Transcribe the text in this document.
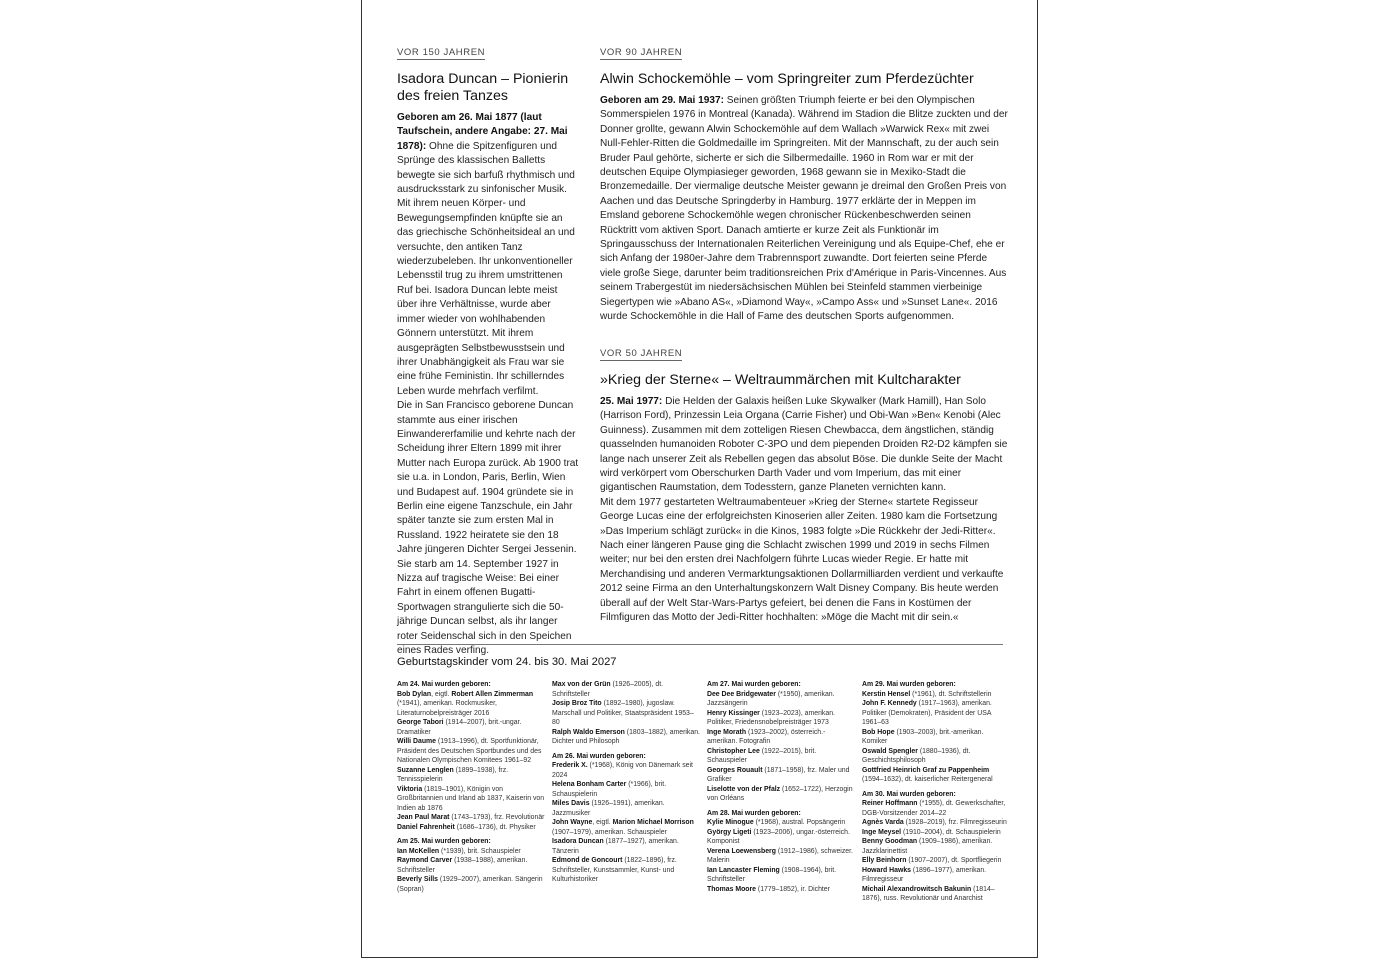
VOR 150 JAHREN
Isadora Duncan – Pionierin des freien Tanzes

Geboren am 26. Mai 1877 (laut Taufschein, andere Angabe: 27. Mai 1878): Ohne die Spitzenfiguren und Sprünge des klassischen Balletts bewegte sie sich barfuß rhythmisch und ausdrucksstark zu sinfonischer Musik. Mit ihrem neuen Körper- und Bewegungsempfinden knüpfte sie an das griechische Schönheitsideal an und versuchte, den antiken Tanz wiederzubeleben. Ihr unkonventioneller Lebensstil trug zu ihrem umstrittenen Ruf bei. Isadora Duncan lebte meist über ihre Verhältnisse, wurde aber immer wieder von wohlhabenden Gönnern unterstützt. Mit ihrem ausgeprägten Selbstbewusstsein und ihrer Unabhängigkeit als Frau war sie eine frühe Feministin. Ihr schillerndes Leben wurde mehrfach verfilmt.

Die in San Francisco geborene Duncan stammte aus einer irischen Einwandererfamilie und kehrte nach der Scheidung ihrer Eltern 1899 mit ihrer Mutter nach Europa zurück. Ab 1900 trat sie u.a. in London, Paris, Berlin, Wien und Budapest auf. 1904 gründete sie in Berlin eine eigene Tanzschule, ein Jahr später tanzte sie zum ersten Mal in Russland. 1922 heiratete sie den 18 Jahre jüngeren Dichter Sergei Jessenin. Sie starb am 14. September 1927 in Nizza auf tragische Weise: Bei einer Fahrt in einem offenen Bugatti-Sportwagen strangulierte sich die 50-jährige Duncan selbst, als ihr langer roter Seidenschal sich in den Speichen eines Rades verfing.

VOR 90 JAHREN
Alwin Schockemöhle – vom Springreiter zum Pferdezüchter

Geboren am 29. Mai 1937: Seinen größten Triumph feierte er bei den Olympischen Sommerspielen 1976 in Montreal (Kanada). Während im Stadion die Blitze zuckten und der Donner grollte, gewann Alwin Schockemöhle auf dem Wallach »Warwick Rex« mit zwei Null-Fehler-Ritten die Goldmedaille im Springreiten. Mit der Mannschaft, zu der auch sein Bruder Paul gehörte, sicherte er sich die Silbermedaille. 1960 in Rom war er mit der deutschen Equipe Olympiasieger geworden, 1968 gewann sie in Mexiko-Stadt die Bronzemedaille. Der viermalige deutsche Meister gewann je dreimal den Großen Preis von Aachen und das Deutsche Springderby in Hamburg. 1977 erklärte der in Meppen im Emsland geborene Schockemöhle wegen chronischer Rückenbeschwerden seinen Rücktritt vom aktiven Sport. Danach amtierte er kurze Zeit als Funktionär im Springausschuss der Internationalen Reiterlichen Vereinigung und als Equipe-Chef, ehe er sich Anfang der 1980er-Jahre dem Trabrennsport zuwandte. Dort feierten seine Pferde viele große Siege, darunter beim traditionsreichen Prix d'Amérique in Paris-Vincennes. Aus seinem Trabergestüt im niedersächsischen Mühlen bei Steinfeld stammen vierbeinige Siegertypen wie »Abano AS«, »Diamond Way«, »Campo Ass« und »Sunset Lane«. 2016 wurde Schockemöhle in die Hall of Fame des deutschen Sports aufgenommen.

VOR 50 JAHREN
»Krieg der Sterne« – Weltraummärchen mit Kultcharakter

25. Mai 1977: Die Helden der Galaxis heißen Luke Skywalker (Mark Hamill), Han Solo (Harrison Ford), Prinzessin Leia Organa (Carrie Fisher) und Obi-Wan »Ben« Kenobi (Alec Guinness). Zusammen mit dem zotteligen Riesen Chewbacca, dem ängstlichen, ständig quasselnden humanoiden Roboter C-3PO und dem piependen Droiden R2-D2 kämpfen sie lange nach unserer Zeit als Rebellen gegen das absolut Böse. Die dunkle Seite der Macht wird verkörpert vom Oberschurken Darth Vader und vom Imperium, das mit einer gigantischen Raumstation, dem Todesstern, ganze Planeten vernichten kann.

Mit dem 1977 gestarteten Weltraumabenteuer »Krieg der Sterne« startete Regisseur George Lucas eine der erfolgreichsten Kinoserien aller Zeiten. 1980 kam die Fortsetzung »Das Imperium schlägt zurück« in die Kinos, 1983 folgte »Die Rückkehr der Jedi-Ritter«. Nach einer längeren Pause ging die Schlacht zwischen 1999 und 2019 in sechs Filmen weiter; nur bei den ersten drei Nachfolgern führte Lucas wieder Regie. Er hatte mit Merchandising und anderen Vermarktungsaktionen Dollarmilliarden verdient und verkaufte 2012 seine Firma an den Unterhaltungskonzern Walt Disney Company. Bis heute werden überall auf der Welt Star-Wars-Partys gefeiert, bei denen die Fans in Kostümen der Filmfiguren das Motto der Jedi-Ritter hochhalten: »Möge die Macht mit dir sein.«

Geburtstagskinder vom 24. bis 30. Mai 2027
Am 24. Mai wurden geboren:
Bob Dylan, eigtl. Robert Allen Zimmerman (*1941), amerikan. Rockmusiker, Literaturnobelpreisträger 2016
George Tabori (1914–2007), brit.-ungar. Dramatiker
Willi Daume (1913–1996), dt. Sportfunktionär, Präsident des Deutschen Sportbundes und des Nationalen Olympischen Komitees 1961–92
Suzanne Lenglen (1899–1938), frz. Tennisspielerin
Viktoria (1819–1901), Königin von Großbritannien und Irland ab 1837, Kaiserin von Indien ab 1876
Jean Paul Marat (1743–1793), frz. Revolutionär
Daniel Fahrenheit (1686–1736), dt. Physiker
Am 25. Mai wurden geboren:
Ian McKellen (*1939), brit. Schauspieler
Raymond Carver (1938–1988), amerikan. Schriftsteller
Beverly Sills (1929–2007), amerikan. Sängerin (Sopran)
Max von der Grün (1926–2005), dt. Schriftsteller
Josip Broz Tito (1892–1980), jugoslaw. Marschall und Politiker, Staatspräsident 1953–80
Ralph Waldo Emerson (1803–1882), amerikan. Dichter und Philosoph
Am 26. Mai wurden geboren:
Frederik X. (*1968), König von Dänemark seit 2024
Helena Bonham Carter (*1966), brit. Schauspielerin
Miles Davis (1926–1991), amerikan. Jazzmusiker
John Wayne, eigtl. Marion Michael Morrison (1907–1979), amerikan. Schauspieler
Isadora Duncan (1877–1927), amerikan. Tänzerin
Edmond de Goncourt (1822–1896), frz. Schriftsteller, Kunstsammler, Kunst- und Kulturhistoriker
Am 27. Mai wurden geboren:
Dee Dee Bridgewater (*1950), amerikan. Jazzsängerin
Henry Kissinger (1923–2023), amerikan. Politiker, Friedensnobelpreisträger 1973
Inge Morath (1923–2002), österreich.-amerikan. Fotografin
Christopher Lee (1922–2015), brit. Schauspieler
Georges Rouault (1871–1958), frz. Maler und Grafiker
Liselotte von der Pfalz (1652–1722), Herzogin von Orléans
Am 28. Mai wurden geboren:
Kylie Minogue (*1968), austral. Popsängerin
György Ligeti (1923–2006), ungar.-österreich. Komponist
Verena Loewensberg (1912–1986), schweizer. Malerin
Ian Lancaster Fleming (1908–1964), brit. Schriftsteller
Thomas Moore (1779–1852), ir. Dichter
Am 29. Mai wurden geboren:
Kerstin Hensel (*1961), dt. Schriftstellerin
John F. Kennedy (1917–1963), amerikan. Politiker (Demokraten), Präsident der USA 1961–63
Bob Hope (1903–2003), brit.-amerikan. Komiker
Oswald Spengler (1880–1936), dt. Geschichtsphilosoph
Gottfried Heinrich Graf zu Pappenheim (1594–1632), dt. kaiserlicher Reitergeneral
Am 30. Mai wurden geboren:
Reiner Hoffmann (*1955), dt. Gewerkschafter, DGB-Vorsitzender 2014–22
Agnès Varda (1928–2019), frz. Filmregisseurin
Inge Meysel (1910–2004), dt. Schauspielerin
Benny Goodman (1909–1986), amerikan. Jazzklarinettist
Elly Beinhorn (1907–2007), dt. Sportfliegerin
Howard Hawks (1896–1977), amerikan. Filmregisseur
Michail Alexandrowitsch Bakunin (1814–1876), russ. Revolutionär und Anarchist
